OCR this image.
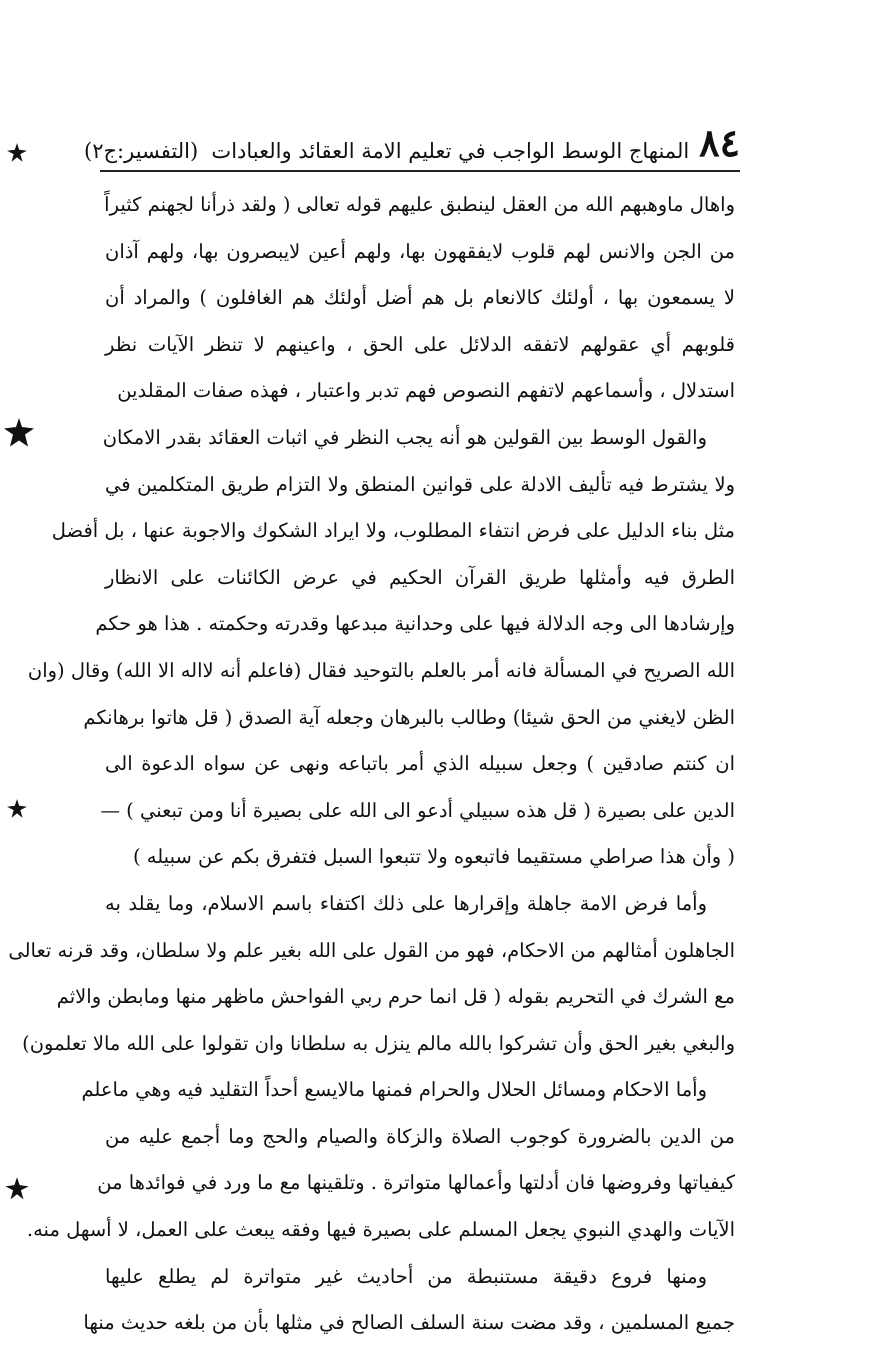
٨٤
المنهاج الوسط الواجب في تعليم الامة العقائد والعبادات
(التفسير:ج٢)
واهال ماوهبهم الله من العقل لينطبق عليهم قوله تعالى ( ولقد ذرأنا لجهنم كثيراً
من الجن والانس لهم قلوب لايفقهون بها، ولهم أعين لايبصرون بها، ولهم آذان
لا يسمعون بها ، أولئك كالانعام بل هم أضل أولئك هم الغافلون ) والمراد أن
قلوبهم أي عقولهم لاتفقه الدلائل على الحق ، واعينهم لا تنظر الآيات نظر
استدلال ، وأسماعهم لاتفهم النصوص فهم تدبر واعتبار ، فهذه صفات المقلدين
والقول الوسط بين القولين هو أنه يجب النظر في اثبات العقائد بقدر الامكان
ولا يشترط فيه تأليف الادلة على قوانين المنطق ولا التزام طريق المتكلمين في
مثل بناء الدليل على فرض انتفاء المطلوب، ولا ايراد الشكوك والاجوبة عنها ، بل أفضل
الطرق فيه وأمثلها طريق القرآن الحكيم في عرض الكائنات على الانظار
وإرشادها الى وجه الدلالة فيها على وحدانية مبدعها وقدرته وحكمته . هذا هو حكم
الله الصريح في المسألة فانه أمر بالعلم بالتوحيد فقال (فاعلم أنه لااله الا الله) وقال (وان
الظن لايغني من الحق شيئا) وطالب بالبرهان وجعله آية الصدق ( قل هاتوا برهانكم
ان كنتم صادقين ) وجعل سبيله الذي أمر باتباعه ونهى عن سواه الدعوة الى
الدين على بصيرة ( قل هذه سبيلي أدعو الى الله على بصيرة أنا ومن تبعني ) —
( وأن هذا صراطي مستقيما فاتبعوه ولا تتبعوا السبل فتفرق بكم عن سبيله )
وأما فرض الامة جاهلة وإقرارها على ذلك اكتفاء باسم الاسلام، وما يقلد به
الجاهلون أمثالهم من الاحكام، فهو من القول على الله بغير علم ولا سلطان، وقد قرنه تعالى
مع الشرك في التحريم بقوله ( قل انما حرم ربي الفواحش ماظهر منها ومابطن والاثم
والبغي بغير الحق وأن تشركوا بالله مالم ينزل به سلطانا وان تقولوا على الله مالا تعلمون)
وأما الاحكام ومسائل الحلال والحرام فمنها مالايسع أحداً التقليد فيه وهي ماعلم
من الدين بالضرورة كوجوب الصلاة والزكاة والصيام والحج وما أجمع عليه من
كيفياتها وفروضها فان أدلتها وأعمالها متواترة . وتلقينها مع ما ورد في فوائدها من
الآيات والهدي النبوي يجعل المسلم على بصيرة فيها وفقه يبعث على العمل، لا أسهل منه.
ومنها فروع دقيقة مستنبطة من أحاديث غير متواترة لم يطلع عليها
جميع المسلمين ، وقد مضت سنة السلف الصالح في مثلها بأن من بلغه حديث منها
